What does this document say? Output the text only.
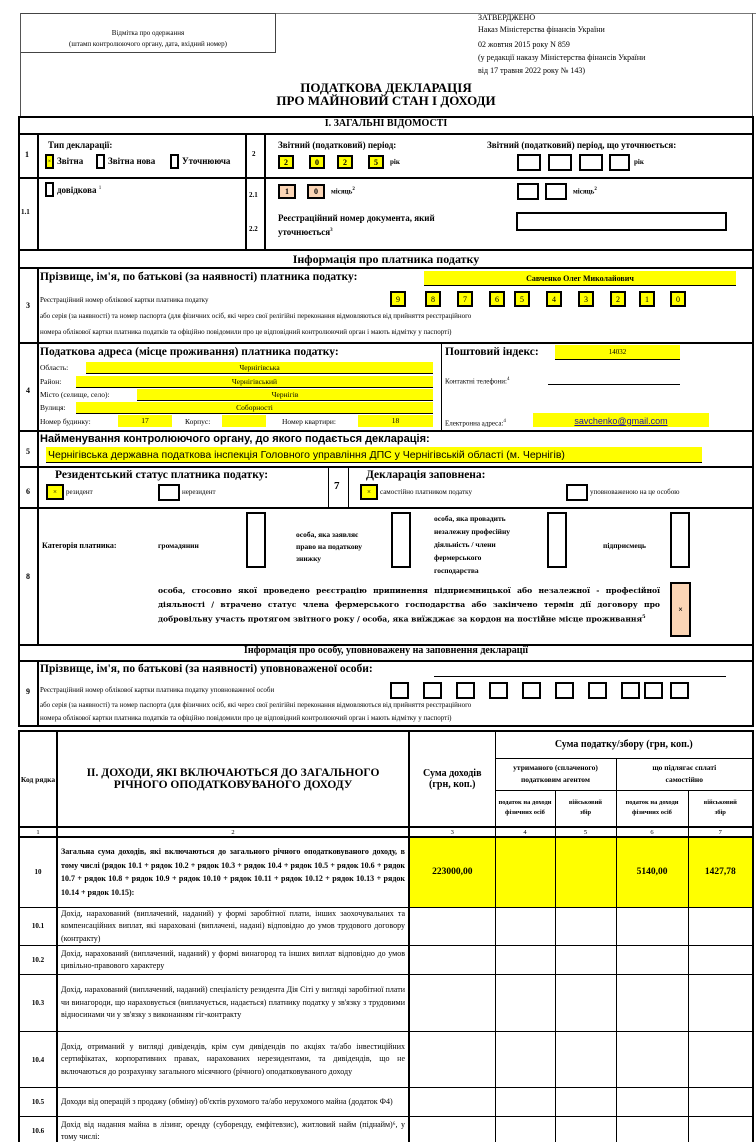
Відмітка про одержання
(штамп контролюючого органу, дата, вхідний номер)
ЗАТВЕРДЖЕНО
Наказ Міністерства фінансів України
02 жовтня 2015 року N 859
(у редакції наказу Міністерства фінансів України
від 17 травня 2022 року № 143)
ПОДАТКОВА ДЕКЛАРАЦІЯ
ПРО МАЙНОВИЙ СТАН І ДОХОДИ
І. ЗАГАЛЬНІ ВІДОМОСТІ
1
Тип декларації:
× Звітна	Звітна нова	Уточнююча
1.1
довідкова $^1$
2
Звітний (податковий) період:
2	0	2	5	рік
Звітний (податковий) період, що уточнюється:
рік
2.1	1	0	місяць$^2$	місяць$^2$
2.2
Реєстраційний номер документа, який
уточнюється$^3$
Інформація про платника податку
3
Прізвище, ім'я, по батькові (за наявності) платника податку:	Савченко Олег Миколайович
Реєстраційний номер облікової картки платника податку	9	8	7	6	5	4	3	2	1	0
або серія (за наявності) та номер паспорта (для фізичних осіб, які через свої релігійні переконання відмовляються від прийняття реєстраційного
номера облікової картки платника податків та офіційно повідомили про це відповідний контролюючий орган і мають відмітку у паспорті)
4
Податкова адреса (місце проживання) платника податку:
Область:	Чернігівська
Район:	Чернігівський
Місто (селище, село):	Чернігів
Вулиця:	Соборності
Номер будинку:	17	Корпус:	Номер квартири:	18
Поштовий індекс:	14032
Контактні телефони:$^4$
Електронна адреса:$^4$	savchenko@gmail.com
5
Найменування контролюючого органу, до якого подається декларація:
Чернігівська державна податкова інспекція Головного управління ДПС у Чернігівській області (м. Чернігів)
6
Резидентський статус платника податку:
×	резидент	нерезидент	7
Декларація заповнена:
×	самостійно платником податку	уповноваженою на це особою
8
Категорія платника:	громадянин
особа, яка заявляє
право на податкову
знижку
особа, яка провадить
незалежну професійну
діяльність / члени
фермерського
господарства
підприємець
особа, стосовно якої проведено реєстрацію припинення підприємницької або незалежної - професійної діяльності / втрачено статус члена фермерського господарства або закінчено термін дії договору про добровільну участь протягом звітного року / особа, яка виїжджає за кордон на постійне місце проживання$^5$
×
Інформація про особу, уповноважену на заповнення декларації
9
Прізвище, ім'я, по батькові (за наявності) уповноваженої особи:
Реєстраційний номер облікової картки платника податку уповноваженої особи
або серія (за наявності) та номер паспорта (для фізичних осіб, які через свої релігійні переконання відмовляються від прийняття реєстраційного
номера облікової картки платника податків та офіційно повідомили про це відповідний контролюючий орган і мають відмітку у паспорті)
Код рядка	ІІ. ДОХОДИ, ЯКІ ВКЛЮЧАЮТЬСЯ ДО ЗАГАЛЬНОГО РІЧНОГО ОПОДАТКОВУВАНОГО ДОХОДУ	Сума доходів (грн, коп.)	Сума податку/збору (грн, коп.)			
			утриманого (сплаченого) податковим агентом		що підлягає сплаті самостійно	
			податок на доходи фізичних осіб	військовий збір	податок на доходи фізичних осіб	військовий збір
1	2	3	4	5	6	7
10	Загальна сума доходів, які включаються до загального річного оподатковуваного доходу, в тому числі (рядок 10.1 + рядок 10.2 + рядок 10.3 + рядок 10.4 + рядок 10.5 + рядок 10.6 + рядок 10.7 + рядок 10.8 + рядок 10.9 + рядок 10.10 + рядок 10.11 + рядок 10.12 + рядок 10.13 + рядок 10.14 + рядок 10.15):	223000,00			5140,00	1427,78
10.1	Дохід, нарахований (виплачений, наданий) у формі заробітної плати, інших заохочувальних та компенсаційних виплат, які нараховані (виплачені, надані) відповідно до умов трудового договору (контракту)					
10.2	Дохід, нарахований (виплачений, наданий) у формі винагород та інших виплат відповідно до умов цивільно-правового характеру					
10.3	Дохід, нарахований (виплачений, наданий) спеціалісту резидента Дія Сіті у вигляді заробітної плати чи винагороди, що нараховується (виплачується, надається) платнику податку у зв'язку з трудовими відносинами чи у зв'язку з виконанням гіг-контракту					
10.4	Дохід, отриманий у вигляді дивідендів, крім сум дивідендів по акціях та/або інвестиційних сертифікатах, корпоративних правах, нарахованих нерезидентами, та дивідендів, що не включаються до розрахунку загального місячного (річного) оподатковуваного доходу					
10.5	Доходи від операцій з продажу (обміну) об'єктів рухомого та/або нерухомого майна (додаток Ф4)					
10.6	Дохід від надання майна в лізинг, оренду (суборенду, емфітевзис), житловий найм (піднайм)⁶, у тому числі:					
